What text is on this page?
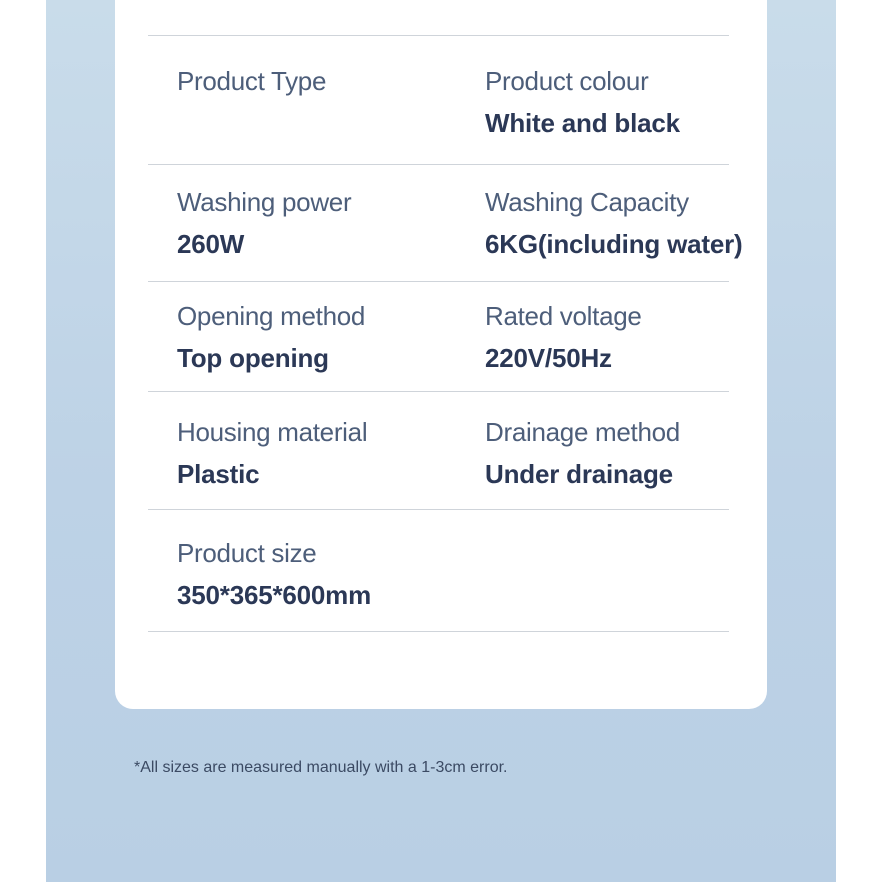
Product Type	Product colour
White and black
Washing power
260W
Washing Capacity
6KG(including water)
Opening method
Top opening
Rated voltage
220V/50Hz
Housing material
Plastic
Drainage method
Under drainage
Product size
350*365*600mm
*All sizes are measured manually with a 1-3cm error.
